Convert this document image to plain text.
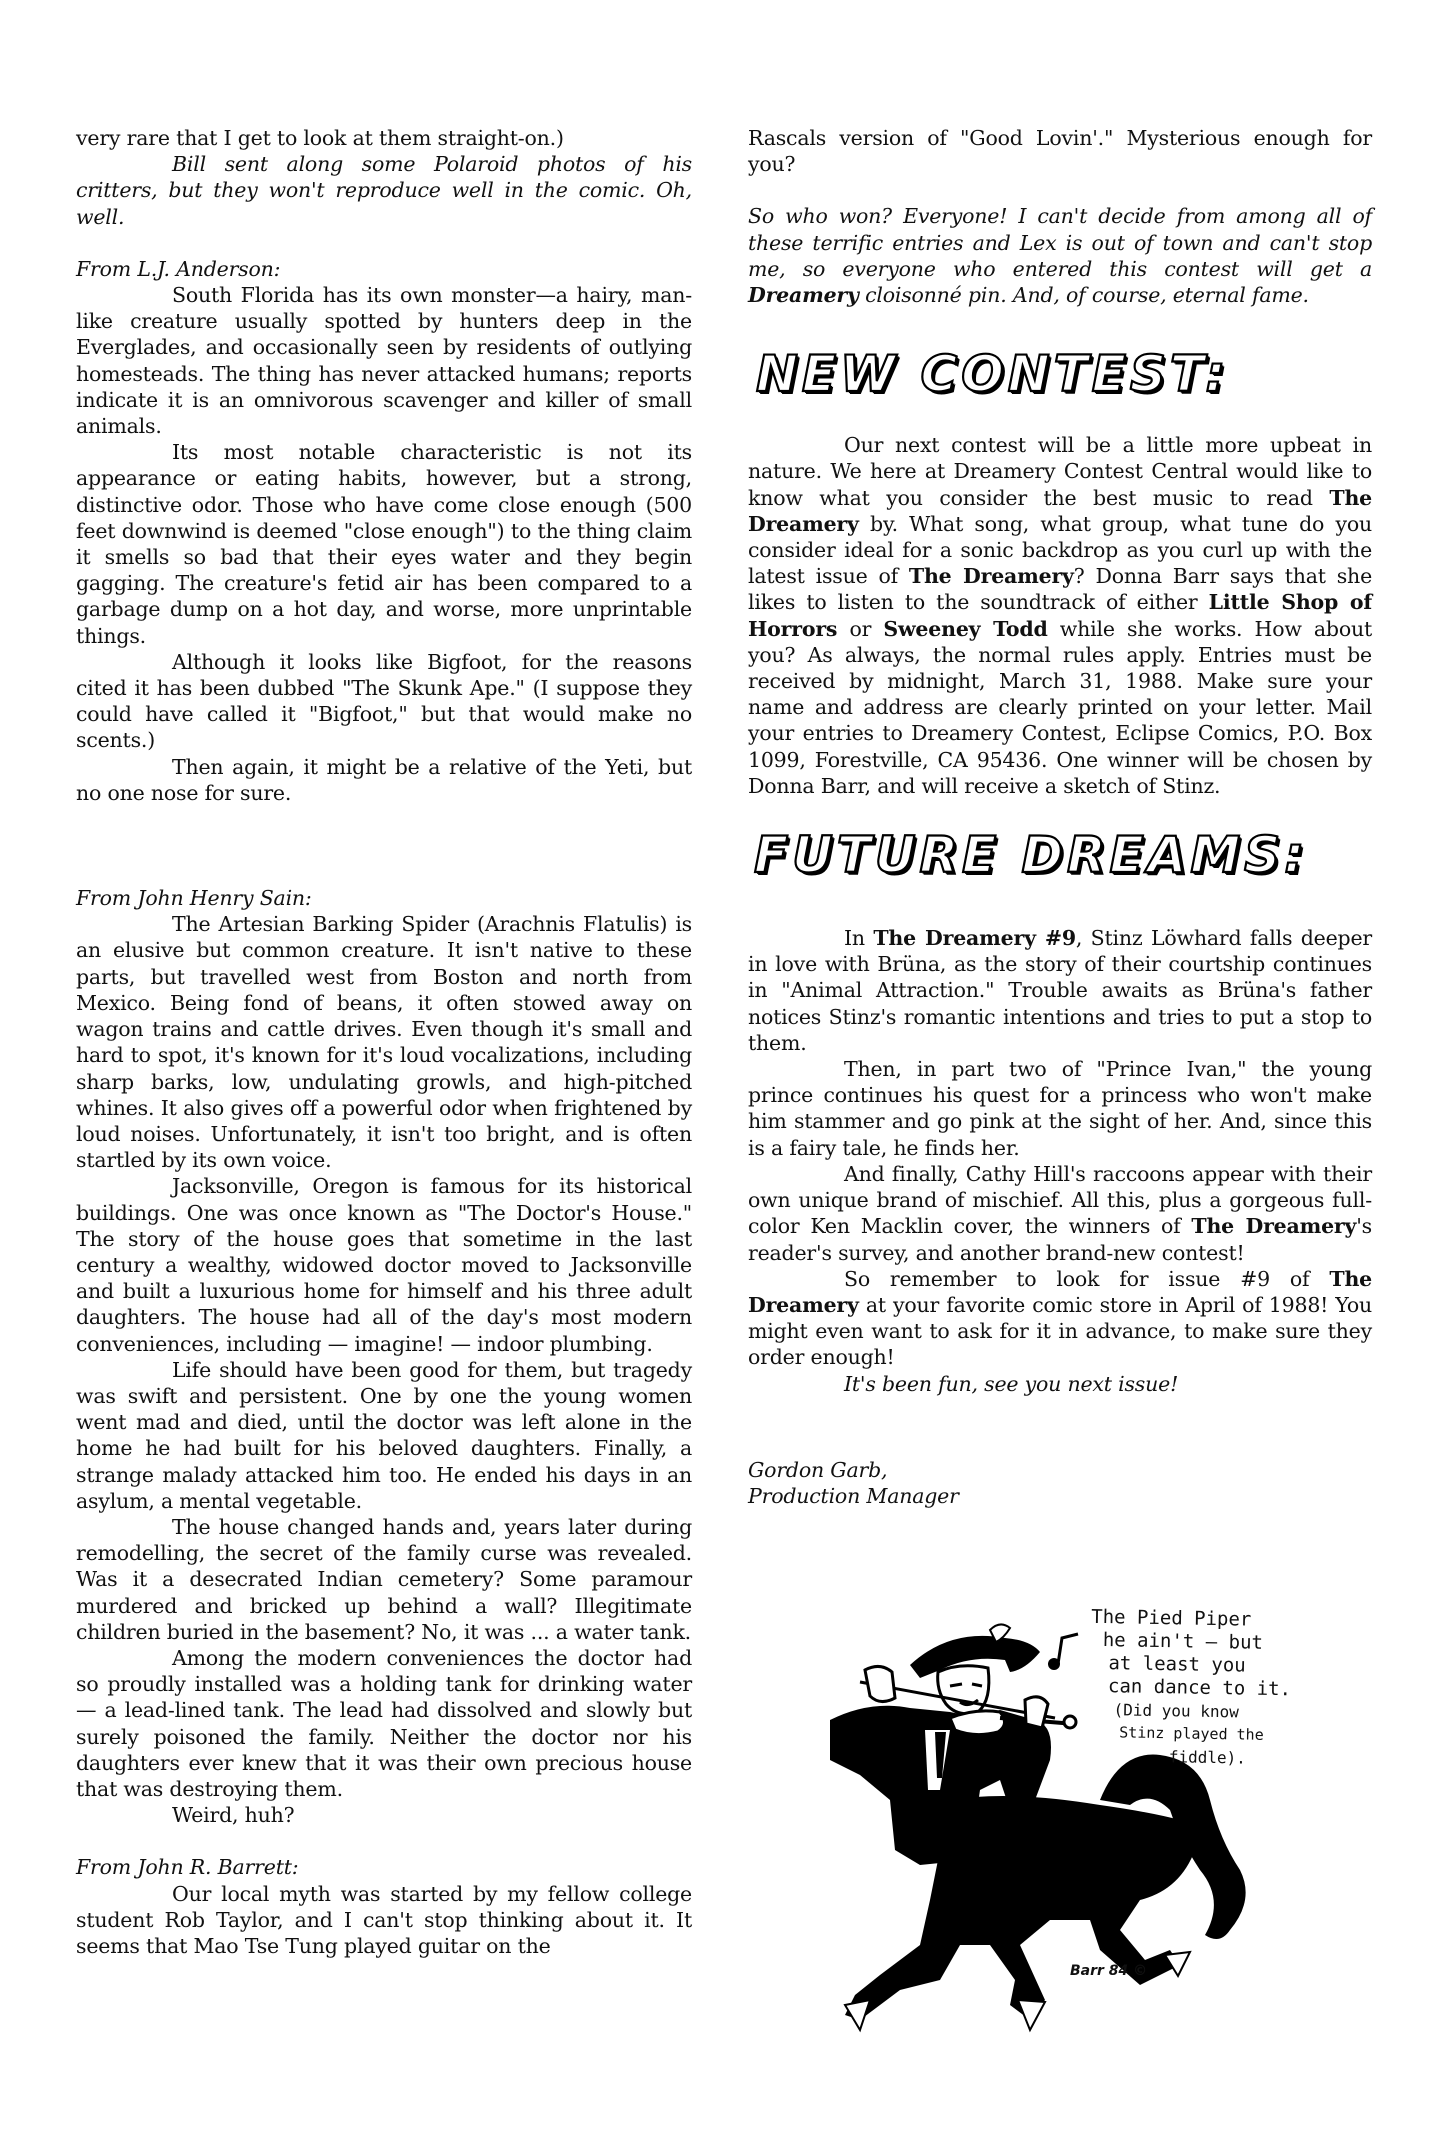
very rare that I get to look at them straight-on.)

Bill sent along some Polaroid photos of his critters, but they won't reproduce well in the comic. Oh, well.

From L.J. Anderson:

South Florida has its own monster—a hairy, man-like creature usually spotted by hunters deep in the Everglades, and occasionally seen by residents of outlying homesteads. The thing has never attacked humans; reports indicate it is an omnivorous scavenger and killer of small animals.

Its most notable characteristic is not its appearance or eating habits, however, but a strong, distinctive odor. Those who have come close enough (500 feet downwind is deemed "close enough") to the thing claim it smells so bad that their eyes water and they begin gagging. The creature's fetid air has been compared to a garbage dump on a hot day, and worse, more unprintable things.

Although it looks like Bigfoot, for the reasons cited it has been dubbed "The Skunk Ape." (I suppose they could have called it "Bigfoot," but that would make no scents.)

Then again, it might be a relative of the Yeti, but no one nose for sure.

From John Henry Sain:

The Artesian Barking Spider (Arachnis Flatulis) is an elusive but common creature. It isn't native to these parts, but travelled west from Boston and north from Mexico. Being fond of beans, it often stowed away on wagon trains and cattle drives. Even though it's small and hard to spot, it's known for it's loud vocalizations, including sharp barks, low, undulating growls, and high-pitched whines. It also gives off a powerful odor when frightened by loud noises. Unfortunately, it isn't too bright, and is often startled by its own voice.

Jacksonville, Oregon is famous for its historical buildings. One was once known as "The Doctor's House." The story of the house goes that sometime in the last century a wealthy, widowed doctor moved to Jacksonville and built a luxurious home for himself and his three adult daughters. The house had all of the day's most modern conveniences, including — imagine! — indoor plumbing.

Life should have been good for them, but tragedy was swift and persistent. One by one the young women went mad and died, until the doctor was left alone in the home he had built for his beloved daughters. Finally, a strange malady attacked him too. He ended his days in an asylum, a mental vegetable.

The house changed hands and, years later during remodelling, the secret of the family curse was revealed. Was it a desecrated Indian cemetery? Some paramour murdered and bricked up behind a wall? Illegitimate children buried in the basement? No, it was ... a water tank.

Among the modern conveniences the doctor had so proudly installed was a holding tank for drinking water — a lead-lined tank. The lead had dissolved and slowly but surely poisoned the family. Neither the doctor nor his daughters ever knew that it was their own precious house that was destroying them.

Weird, huh?

From John R. Barrett:

Our local myth was started by my fellow college student Rob Taylor, and I can't stop thinking about it. It seems that Mao Tse Tung played guitar on the

Rascals version of "Good Lovin'." Mysterious enough for you?

So who won? Everyone! I can't decide from among all of these terrific entries and Lex is out of town and can't stop me, so everyone who entered this contest will get a Dreamery cloisonné pin. And, of course, eternal fame.

NEW CONTEST:

Our next contest will be a little more upbeat in nature. We here at Dreamery Contest Central would like to know what you consider the best music to read The Dreamery by. What song, what group, what tune do you consider ideal for a sonic backdrop as you curl up with the latest issue of The Dreamery? Donna Barr says that she likes to listen to the soundtrack of either Little Shop of Horrors or Sweeney Todd while she works. How about you? As always, the normal rules apply. Entries must be received by midnight, March 31, 1988. Make sure your name and address are clearly printed on your letter. Mail your entries to Dreamery Contest, Eclipse Comics, P.O. Box 1099, Forestville, CA 95436. One winner will be chosen by Donna Barr, and will receive a sketch of Stinz.

FUTURE DREAMS:

In The Dreamery #9, Stinz Löwhard falls deeper in love with Brüna, as the story of their courtship continues in "Animal Attraction." Trouble awaits as Brüna's father notices Stinz's romantic intentions and tries to put a stop to them.

Then, in part two of "Prince Ivan," the young prince continues his quest for a princess who won't make him stammer and go pink at the sight of her. And, since this is a fairy tale, he finds her.

And finally, Cathy Hill's raccoons appear with their own unique brand of mischief. All this, plus a gorgeous full-color Ken Macklin cover, the winners of The Dreamery's reader's survey, and another brand-new contest!

So remember to look for issue #9 of The Dreamery at your favorite comic store in April of 1988! You might even want to ask for it in advance, to make sure they order enough!

It's been fun, see you next issue!

Gordon Garb,

Production Manager

The Pied Piper
he ain't — but
at least you
can dance to it.
(Did you know
Stinz played the
fiddle).
Barr 84 ©
